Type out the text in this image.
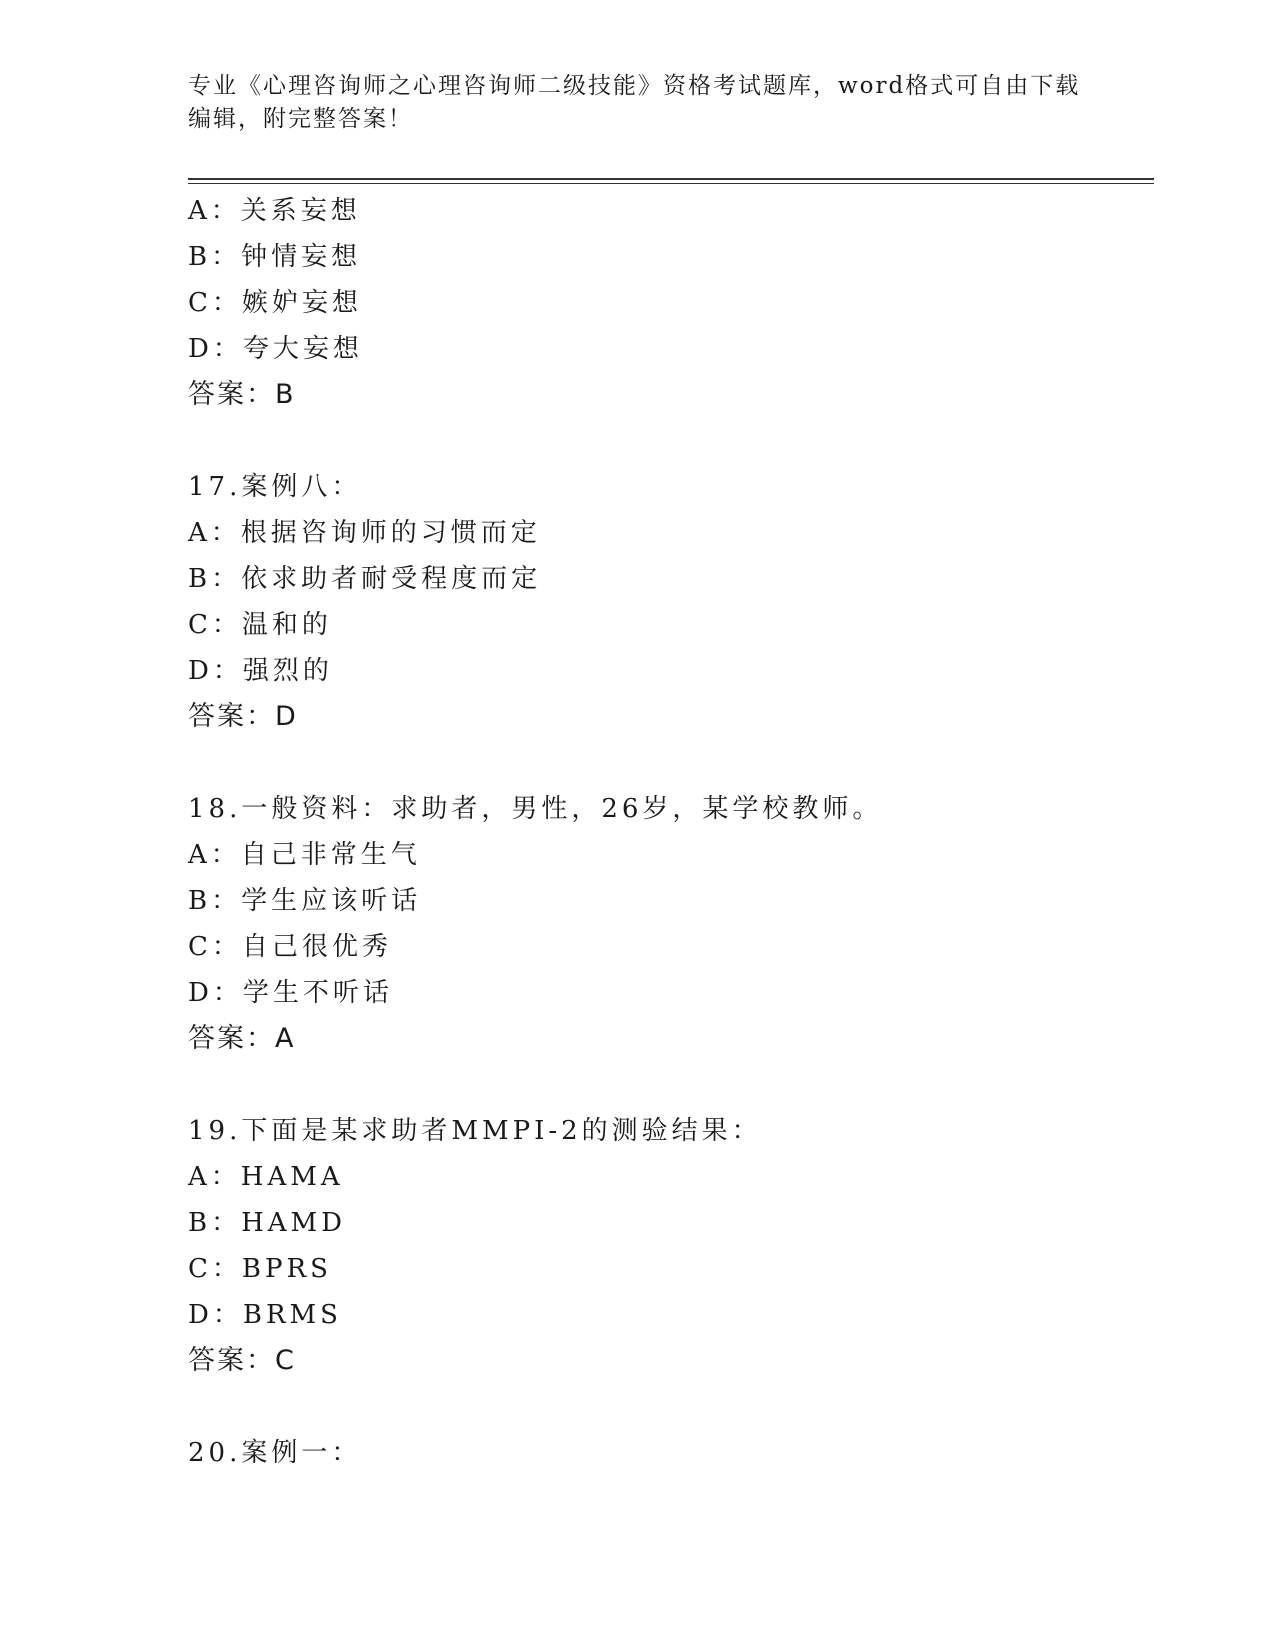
专业《心理咨询师之心理咨询师二级技能》资格考试题库，word格式可自由下载编辑，附完整答案！
A：关系妄想
B：钟情妄想
C：嫉妒妄想
D：夸大妄想
答案：B
17.案例八：
A：根据咨询师的习惯而定
B：依求助者耐受程度而定
C：温和的
D：强烈的
答案：D
18.一般资料：求助者，男性，26岁，某学校教师。
A：自己非常生气
B：学生应该听话
C：自己很优秀
D：学生不听话
答案：A
19.下面是某求助者MMPI-2的测验结果：
A：HAMA
B：HAMD
C：BPRS
D：BRMS
答案：C
20.案例一：
